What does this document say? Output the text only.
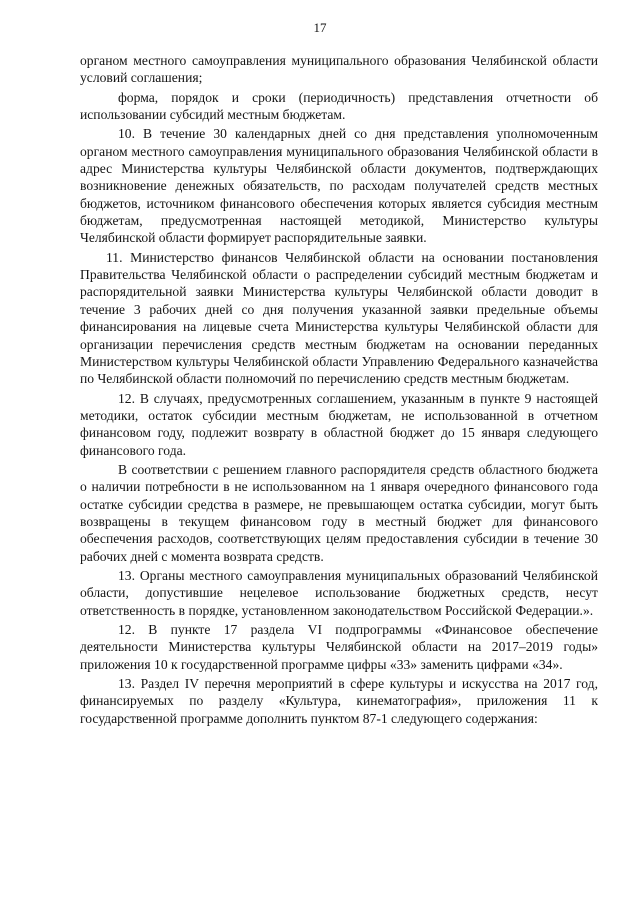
17

органом местного самоуправления муниципального образования Челябинской области условий соглашения;

форма, порядок и сроки (периодичность) представления отчетности об использовании субсидий местным бюджетам.

10. В течение 30 календарных дней со дня представления уполномоченным органом местного самоуправления муниципального образования Челябинской области в адрес Министерства культуры Челябинской области документов, подтверждающих возникновение денежных обязательств, по расходам получателей средств местных бюджетов, источником финансового обеспечения которых является субсидия местным бюджетам, предусмотренная настоящей методикой, Министерство культуры Челябинской области формирует распорядительные заявки.

11. Министерство финансов Челябинской области на основании постановления Правительства Челябинской области о распределении субсидий местным бюджетам и распорядительной заявки Министерства культуры Челябинской области доводит в течение 3 рабочих дней со дня получения указанной заявки предельные объемы финансирования на лицевые счета Министерства культуры Челябинской области для организации перечисления средств местным бюджетам на основании переданных Министерством культуры Челябинской области Управлению Федерального казначейства по Челябинской области полномочий по перечислению средств местным бюджетам.

12. В случаях, предусмотренных соглашением, указанным в пункте 9 настоящей методики, остаток субсидии местным бюджетам, не использованной в отчетном финансовом году, подлежит возврату в областной бюджет до 15 января следующего финансового года.

В соответствии с решением главного распорядителя средств областного бюджета о наличии потребности в не использованном на 1 января очередного финансового года остатке субсидии средства в размере, не превышающем остатка субсидии, могут быть возвращены в текущем финансовом году в местный бюджет для финансового обеспечения расходов, соответствующих целям предоставления субсидии в течение 30 рабочих дней с момента возврата средств.

13. Органы местного самоуправления муниципальных образований Челябинской области, допустившие нецелевое использование бюджетных средств, несут ответственность в порядке, установленном законодательством Российской Федерации.».

12. В пункте 17 раздела VI подпрограммы «Финансовое обеспечение деятельности Министерства культуры Челябинской области на 2017–2019 годы» приложения 10 к государственной программе цифры «33» заменить цифрами «34».

13. Раздел IV перечня мероприятий в сфере культуры и искусства на 2017 год, финансируемых по разделу «Культура, кинематография», приложения 11 к государственной программе дополнить пунктом 87-1 следующего содержания:
